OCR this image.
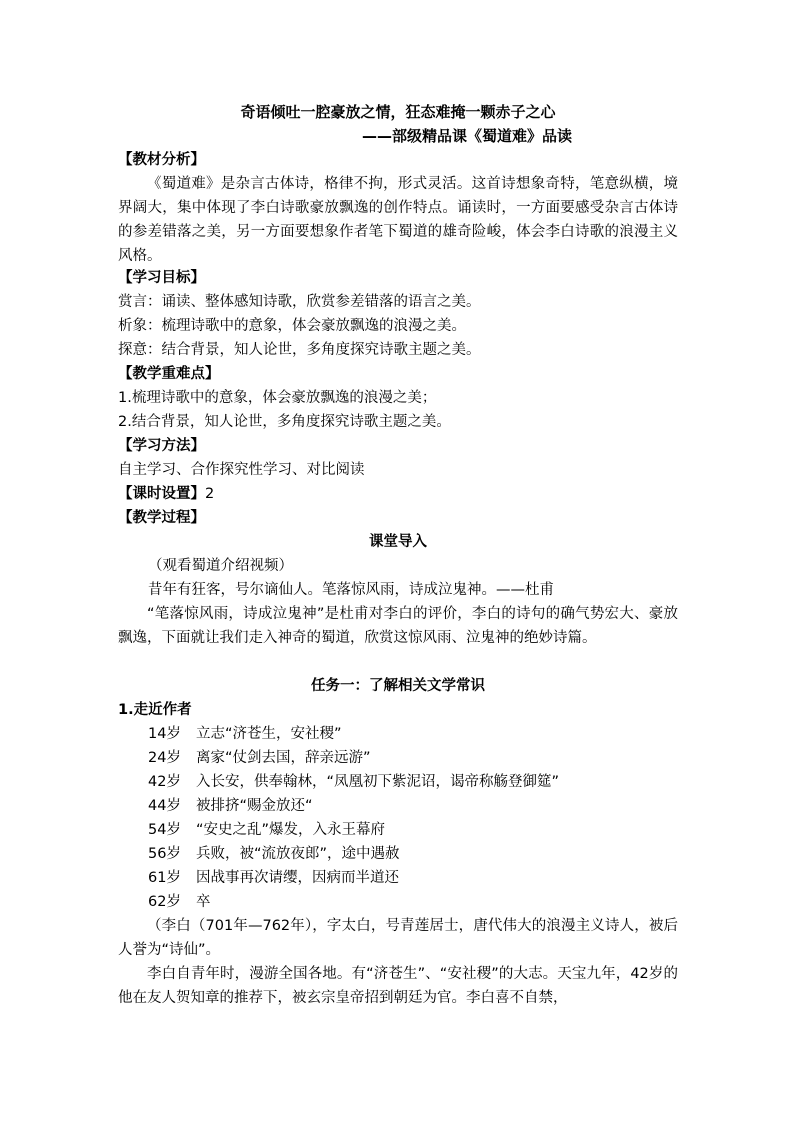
奇语倾吐一腔豪放之情，狂态难掩一颗赤子之心
——部级精品课《蜀道难》品读
【教材分析】
《蜀道难》是杂言古体诗，格律不拘，形式灵活。这首诗想象奇特，笔意纵横，境界阔大，集中体现了李白诗歌豪放飘逸的创作特点。诵读时，一方面要感受杂言古体诗的参差错落之美，另一方面要想象作者笔下蜀道的雄奇险峻，体会李白诗歌的浪漫主义风格。
【学习目标】
赏言：诵读、整体感知诗歌，欣赏参差错落的语言之美。
析象：梳理诗歌中的意象，体会豪放飘逸的浪漫之美。
探意：结合背景，知人论世，多角度探究诗歌主题之美。
【教学重难点】
1.梳理诗歌中的意象，体会豪放飘逸的浪漫之美；
2.结合背景，知人论世，多角度探究诗歌主题之美。
【学习方法】
自主学习、合作探究性学习、对比阅读
【课时设置】2
【教学过程】
课堂导入
（观看蜀道介绍视频）
昔年有狂客，号尔谪仙人。笔落惊风雨，诗成泣鬼神。——杜甫
“笔落惊风雨，诗成泣鬼神”是杜甫对李白的评价，李白的诗句的确气势宏大、豪放飘逸，下面就让我们走入神奇的蜀道，欣赏这惊风雨、泣鬼神的绝妙诗篇。
任务一：了解相关文学常识
1.走近作者
14岁 立志“济苍生，安社稷”
24岁 离家“仗剑去国，辞亲远游”
42岁 入长安，供奉翰林，“凤凰初下紫泥诏，谒帝称觞登御筵”
44岁 被排挤“赐金放还“
54岁 “安史之乱”爆发，入永王幕府
56岁 兵败，被“流放夜郎”，途中遇赦
61岁 因战事再次请缨，因病而半道还
62岁 卒
（李白（701年—762年），字太白，号青莲居士，唐代伟大的浪漫主义诗人，被后人誉为“诗仙”。
李白自青年时，漫游全国各地。有“济苍生”、“安社稷”的大志。天宝九年，42岁的他在友人贺知章的推荐下，被玄宗皇帝招到朝廷为官。李白喜不自禁，
